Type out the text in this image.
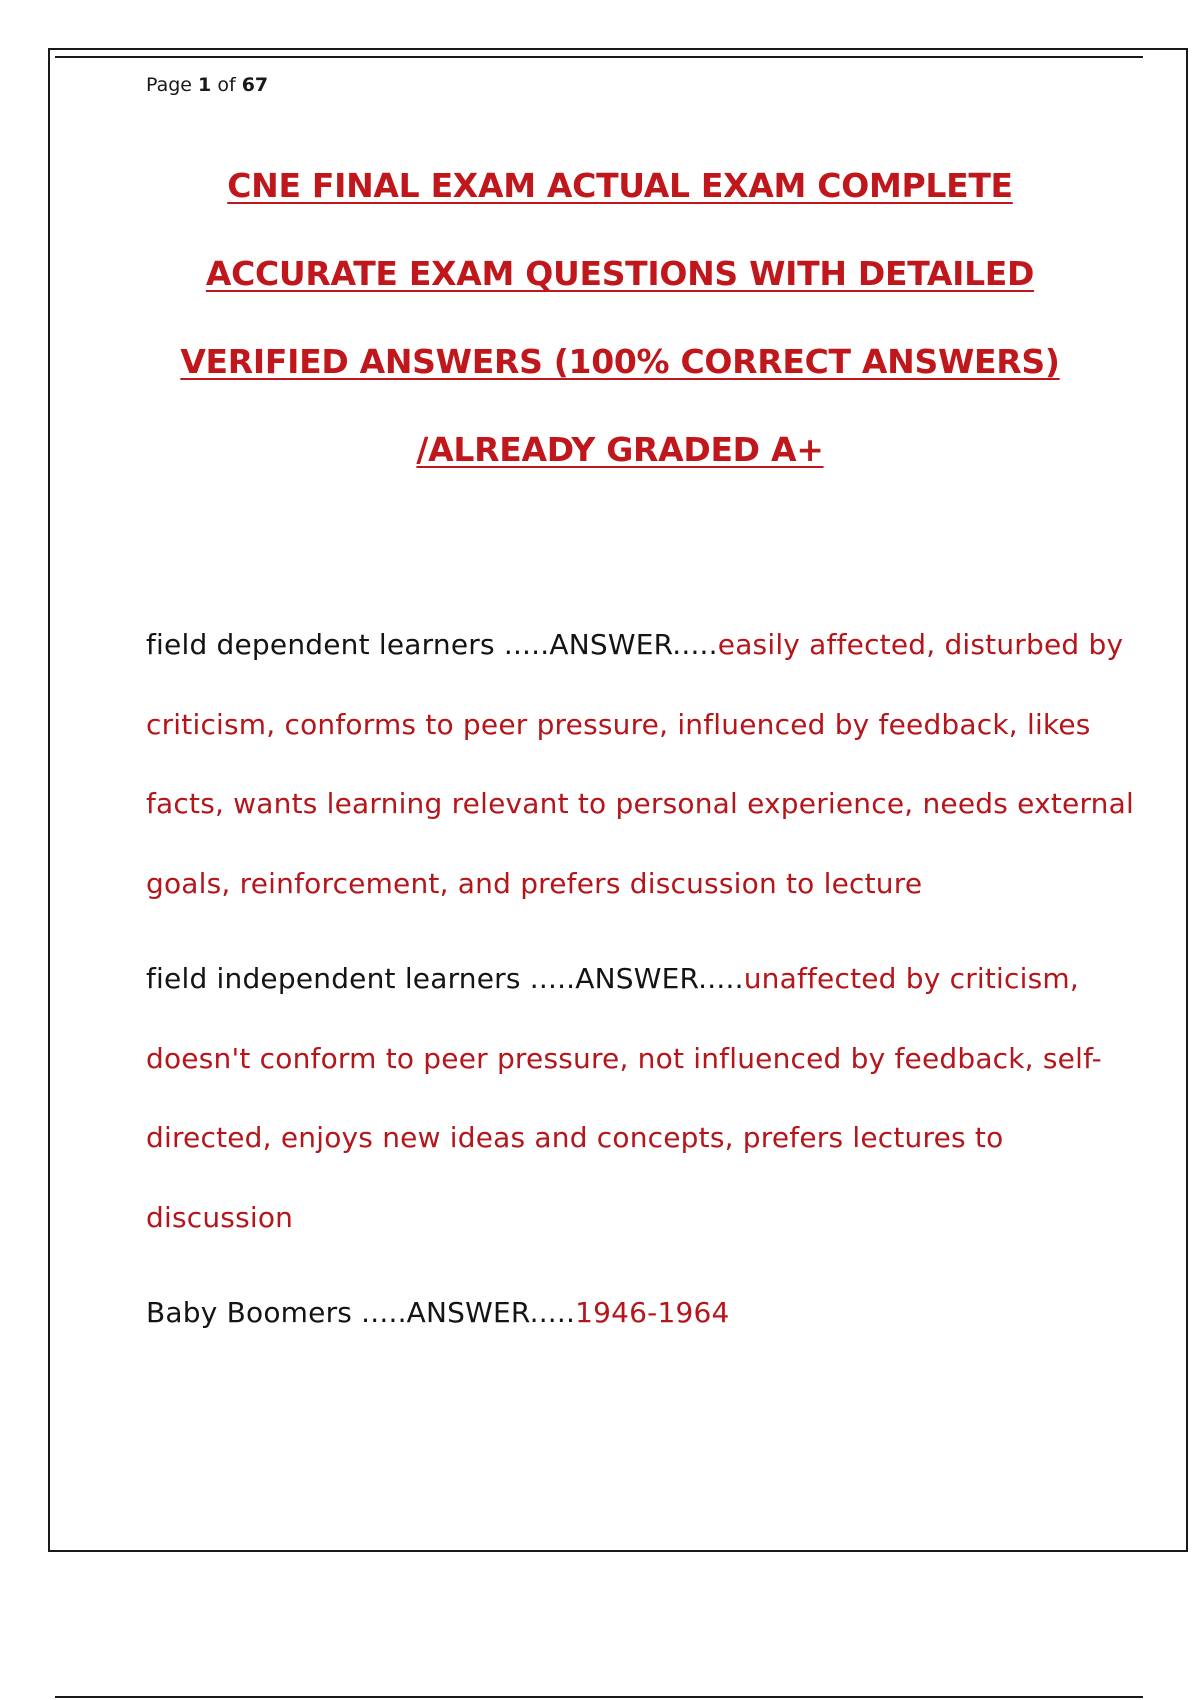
Page 1 of 67
CNE FINAL EXAM ACTUAL EXAM COMPLETE
ACCURATE EXAM QUESTIONS WITH DETAILED
VERIFIED ANSWERS (100% CORRECT ANSWERS)
/ALREADY GRADED A+
field dependent learners .....ANSWER.....easily affected, disturbed by criticism, conforms to peer pressure, influenced by feedback, likes facts, wants learning relevant to personal experience, needs external goals, reinforcement, and prefers discussion to lecture
field independent learners .....ANSWER.....unaffected by criticism, doesn't conform to peer pressure, not influenced by feedback, self-directed, enjoys new ideas and concepts, prefers lectures to discussion
Baby Boomers .....ANSWER.....1946-1964
